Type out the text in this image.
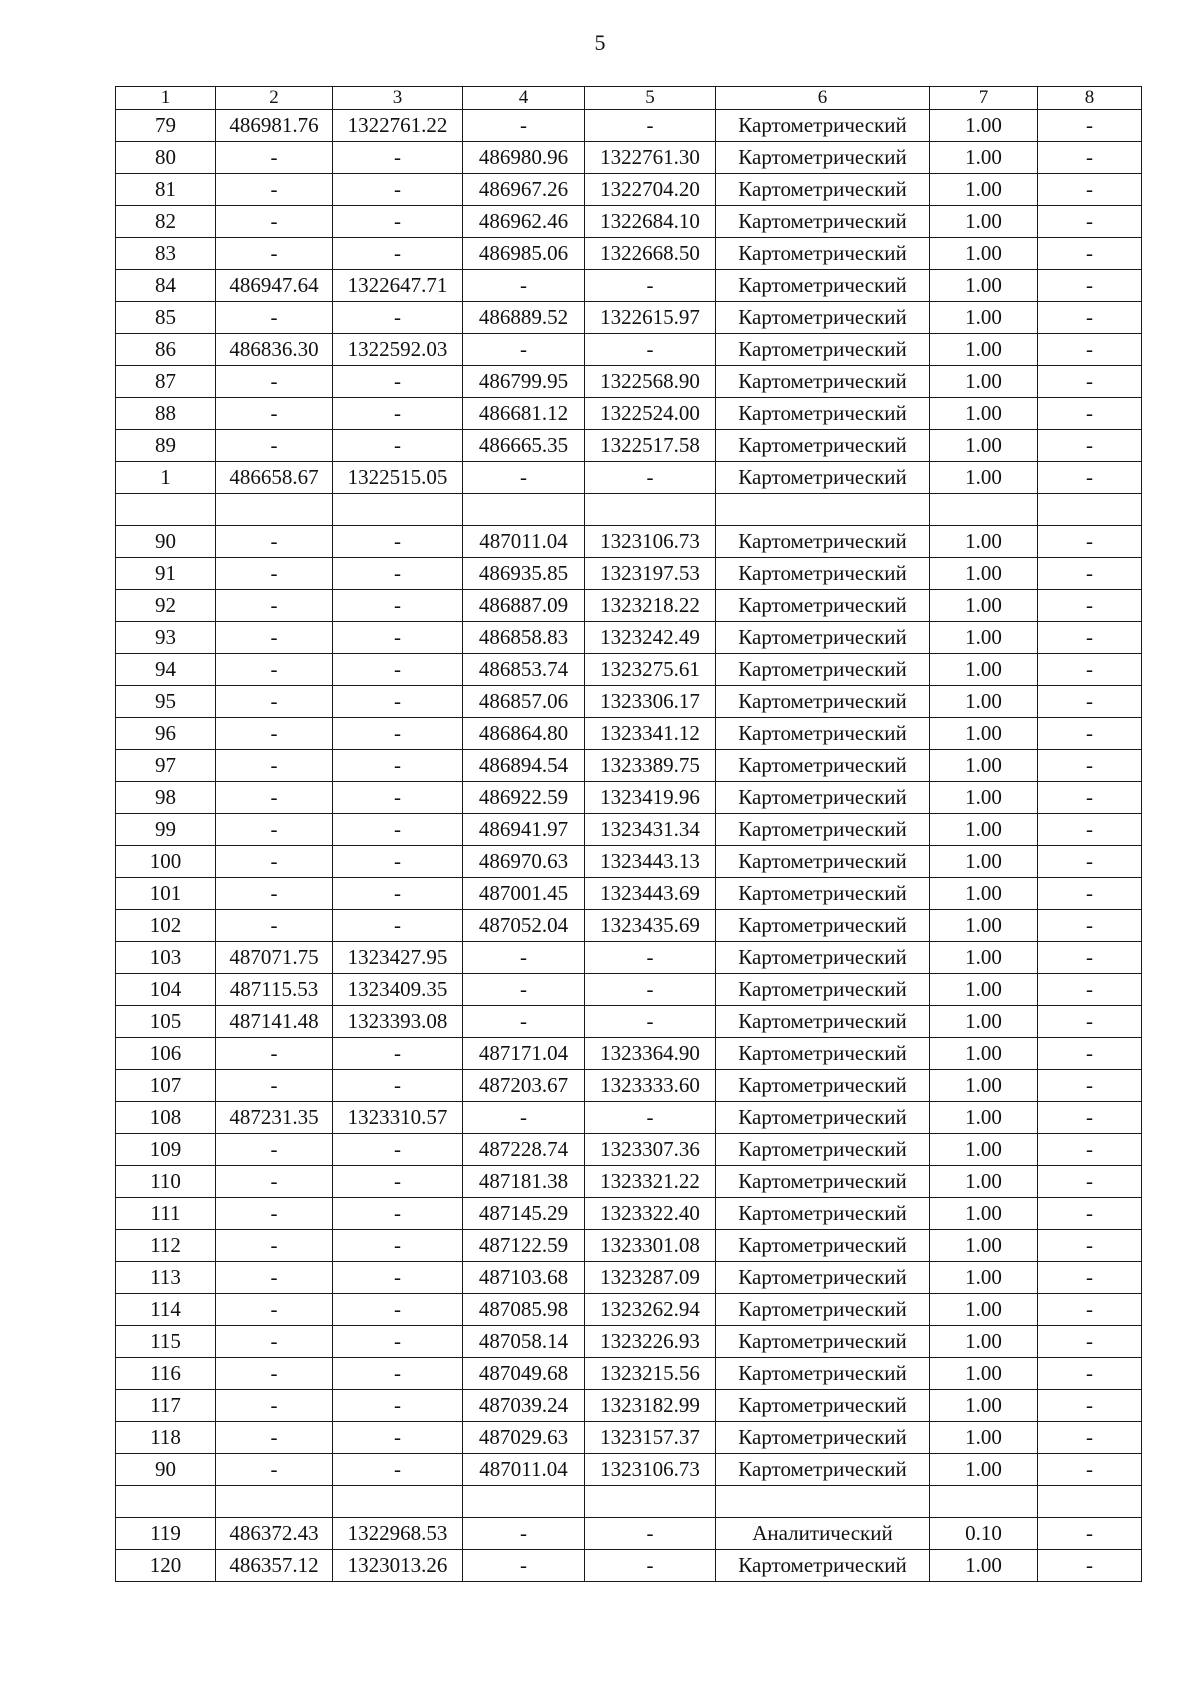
5
1	2	3	4	5	6	7	8
79	486981.76	1322761.22	-	-	Картометрический	1.00	-
80	-	-	486980.96	1322761.30	Картометрический	1.00	-
81	-	-	486967.26	1322704.20	Картометрический	1.00	-
82	-	-	486962.46	1322684.10	Картометрический	1.00	-
83	-	-	486985.06	1322668.50	Картометрический	1.00	-
84	486947.64	1322647.71	-	-	Картометрический	1.00	-
85	-	-	486889.52	1322615.97	Картометрический	1.00	-
86	486836.30	1322592.03	-	-	Картометрический	1.00	-
87	-	-	486799.95	1322568.90	Картометрический	1.00	-
88	-	-	486681.12	1322524.00	Картометрический	1.00	-
89	-	-	486665.35	1322517.58	Картометрический	1.00	-
1	486658.67	1322515.05	-	-	Картометрический	1.00	-

90	-	-	487011.04	1323106.73	Картометрический	1.00	-
91	-	-	486935.85	1323197.53	Картометрический	1.00	-
92	-	-	486887.09	1323218.22	Картометрический	1.00	-
93	-	-	486858.83	1323242.49	Картометрический	1.00	-
94	-	-	486853.74	1323275.61	Картометрический	1.00	-
95	-	-	486857.06	1323306.17	Картометрический	1.00	-
96	-	-	486864.80	1323341.12	Картометрический	1.00	-
97	-	-	486894.54	1323389.75	Картометрический	1.00	-
98	-	-	486922.59	1323419.96	Картометрический	1.00	-
99	-	-	486941.97	1323431.34	Картометрический	1.00	-
100	-	-	486970.63	1323443.13	Картометрический	1.00	-
101	-	-	487001.45	1323443.69	Картометрический	1.00	-
102	-	-	487052.04	1323435.69	Картометрический	1.00	-
103	487071.75	1323427.95	-	-	Картометрический	1.00	-
104	487115.53	1323409.35	-	-	Картометрический	1.00	-
105	487141.48	1323393.08	-	-	Картометрический	1.00	-
106	-	-	487171.04	1323364.90	Картометрический	1.00	-
107	-	-	487203.67	1323333.60	Картометрический	1.00	-
108	487231.35	1323310.57	-	-	Картометрический	1.00	-
109	-	-	487228.74	1323307.36	Картометрический	1.00	-
110	-	-	487181.38	1323321.22	Картометрический	1.00	-
111	-	-	487145.29	1323322.40	Картометрический	1.00	-
112	-	-	487122.59	1323301.08	Картометрический	1.00	-
113	-	-	487103.68	1323287.09	Картометрический	1.00	-
114	-	-	487085.98	1323262.94	Картометрический	1.00	-
115	-	-	487058.14	1323226.93	Картометрический	1.00	-
116	-	-	487049.68	1323215.56	Картометрический	1.00	-
117	-	-	487039.24	1323182.99	Картометрический	1.00	-
118	-	-	487029.63	1323157.37	Картометрический	1.00	-
90	-	-	487011.04	1323106.73	Картометрический	1.00	-

119	486372.43	1322968.53	-	-	Аналитический	0.10	-
120	486357.12	1323013.26	-	-	Картометрический	1.00	-
